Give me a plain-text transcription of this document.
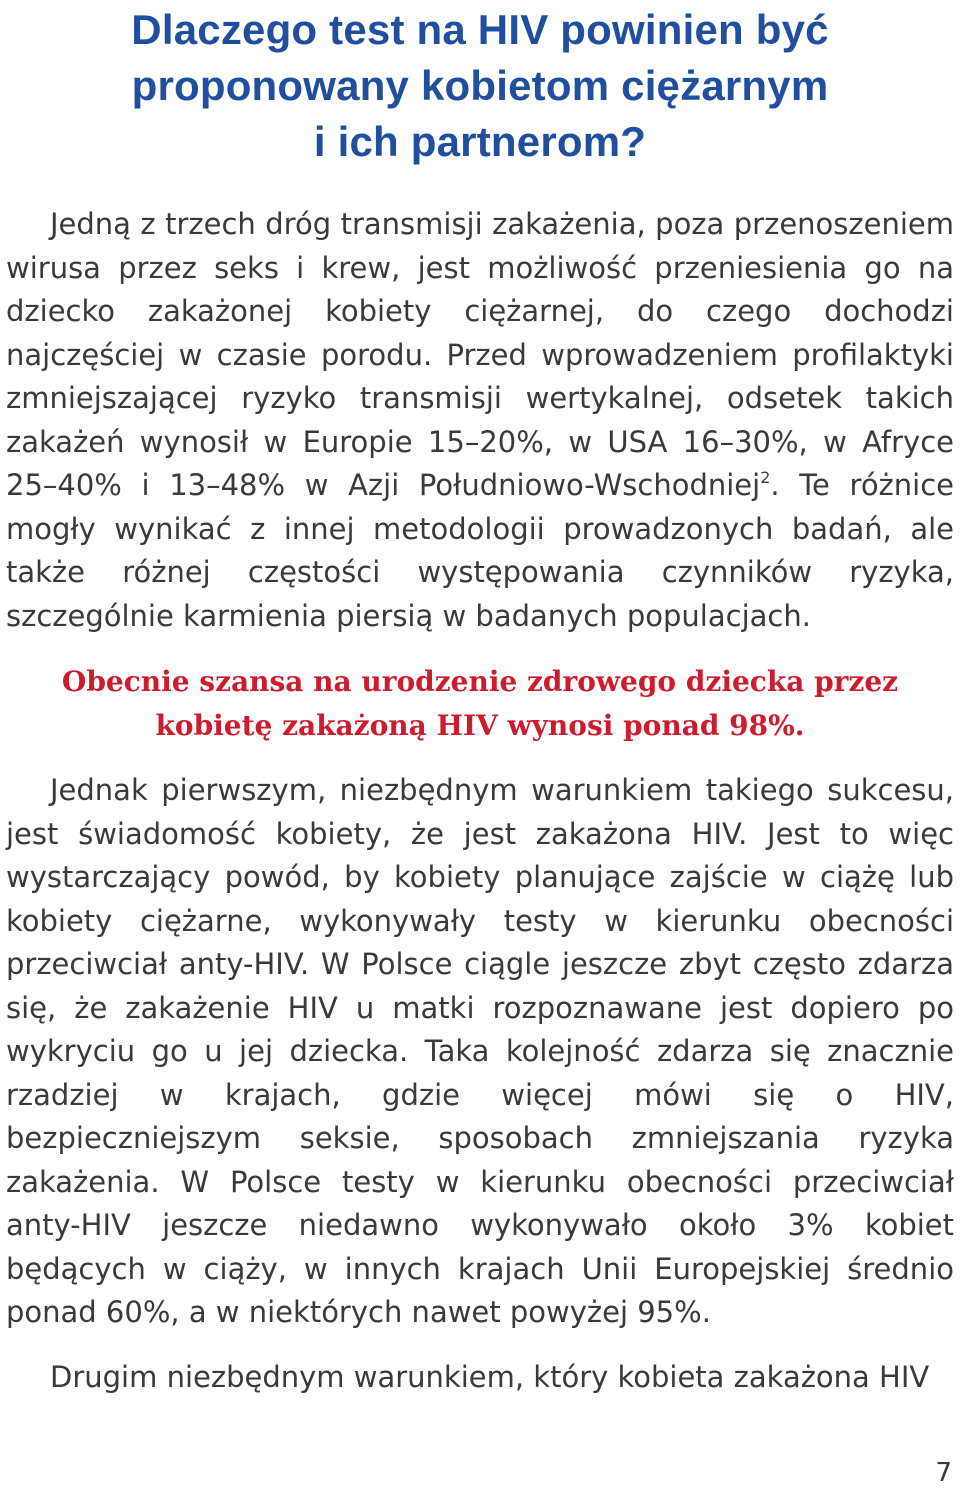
Dlaczego test na HIV powinien być
proponowany kobietom ciężarnym
i ich partnerom?

Jedną z trzech dróg transmisji zakażenia, poza przenoszeniem wirusa przez seks i krew, jest możliwość przeniesienia go na dziecko zakażonej kobiety ciężarnej, do czego dochodzi najczęściej w czasie porodu. Przed wprowadzeniem profilaktyki zmniejszającej ryzyko transmisji wertykalnej, odsetek takich zakażeń wynosił w Europie 15–20%, w USA 16–30%, w Afryce 25–40% i 13–48% w Azji Południowo-Wschodniej$^2$. Te różnice mogły wynikać z innej metodologii prowadzonych badań, ale także różnej częstości występowania czynników ryzyka, szczególnie karmienia piersią w badanych populacjach.

Obecnie szansa na urodzenie zdrowego dziecka przez
kobietę zakażoną HIV wynosi ponad 98%.

Jednak pierwszym, niezbędnym warunkiem takiego sukcesu, jest świadomość kobiety, że jest zakażona HIV. Jest to więc wystarczający powód, by kobiety planujące zajście w ciążę lub kobiety ciężarne, wykonywały testy w kierunku obecności przeciwciał anty-HIV. W Polsce ciągle jeszcze zbyt często zdarza się, że zakażenie HIV u matki rozpoznawane jest dopiero po wykryciu go u jej dziecka. Taka kolejność zdarza się znacznie rzadziej w krajach, gdzie więcej mówi się o HIV, bezpieczniejszym seksie, sposobach zmniejszania ryzyka zakażenia. W Polsce testy w kierunku obecności przeciwciał anty-HIV jeszcze niedawno wykonywało około 3% kobiet będących w ciąży, w innych krajach Unii Europejskiej średnio ponad 60%, a w niektórych nawet powyżej 95%.

Drugim niezbędnym warunkiem, który kobieta zakażona HIV

7
